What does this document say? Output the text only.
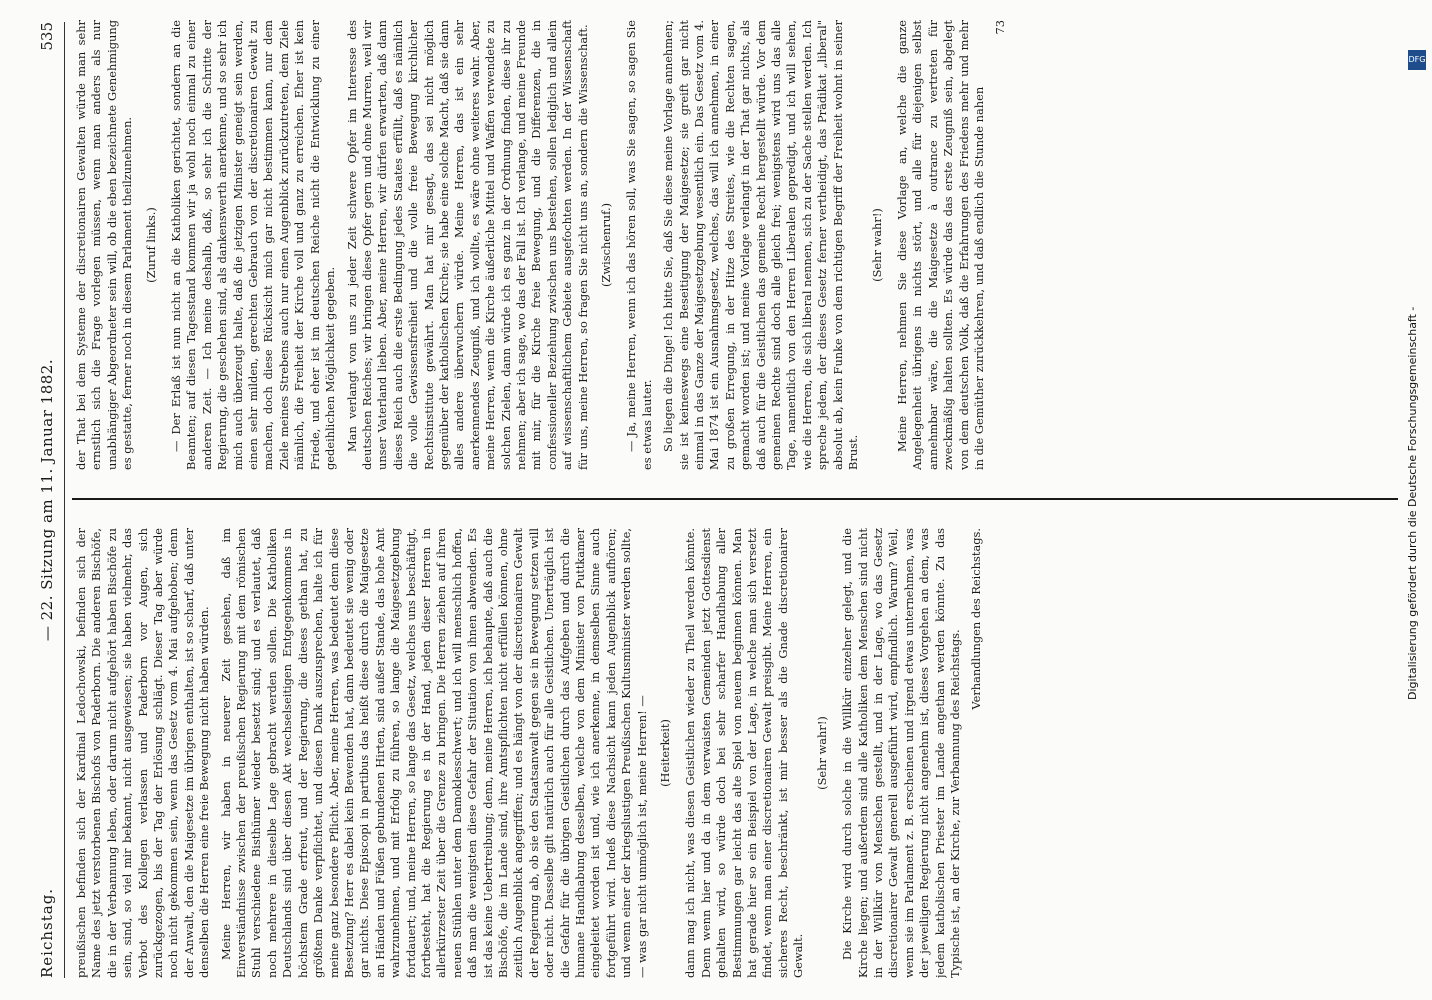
Reichstag.
— 22. Sitzung am 11. Januar 1882.
535

preußischen befinden sich der Kardinal Ledochowski, befinden sich der Name des jetzt verstorbenen Bischofs von Paderborn. Die anderen Bischöfe, die in der Verbannung leben, oder darum nicht aufgehört haben Bischöfe zu sein, sind, so viel mir bekannt, nicht ausgewiesen; sie haben vielmehr, das Verbot des Kollegen verlassen und Paderborn vor Augen, sich zurückgezogen, bis der Tag der Erlösung schlägt. Dieser Tag aber würde noch nicht gekommen sein, wenn das Gesetz vom 4. Mai aufgehoben; denn der Anwalt, den die Maigesetze im übrigen enthalten, ist so scharf, daß unter denselben die Herren eine freie Bewegung nicht haben würden. Meine Herren, wir haben in neuerer Zeit gesehen, daß im Einverständnisse zwischen der preußischen Regierung mit dem römischen Stuhl verschiedene Bisthümer wieder besetzt sind; und es verlautet, daß noch mehrere in dieselbe Lage gebracht werden sollen. Die Katholiken Deutschlands sind über diesen Akt wechselseitigen Entgegenkommens in höchstem Grade erfreut, und der Regierung, die dieses gethan hat, zu größtem Danke verpflichtet, und diesen Dank auszusprechen, halte ich für meine ganz besondere Pflicht. Aber, meine Herren, was bedeutet denn diese Besetzung? Herr es dabei kein Bewenden hat, dann bedeutet sie wenig oder gar nichts. Diese Episcopi in partibus das heißt diese durch die Maigesetze an Händen und Füßen gebundenen Hirten, sind außer Stande, das hohe Amt wahrzunehmen, und mit Erfolg zu führen, so lange die Maigesetzgebung fortdauert; und, meine Herren, so lange das Gesetz, welches uns beschäftigt, fortbesteht, hat die Regierung es in der Hand, jeden dieser Herren in allerkürzester Zeit über die Grenze zu bringen. Die Herren ziehen auf ihren neuen Stühlen unter dem Damoklesschwert; und ich will menschlich hoffen, daß man die wenigsten diese Gefahr der Situation von ihnen abwenden. Es ist das keine Uebertreibung; denn, meine Herren, ich behaupte, daß auch die Bischöfe, die im Lande sind, ihre Amtspflichten nicht erfüllen können, ohne zeitlich Augenblick angegriffen; und es hängt von der discretionairen Gewalt der Regierung ab, ob sie den Staatsanwalt gegen sie in Bewegung setzen will oder nicht. Dasselbe gilt natürlich auch für alle Geistlichen. Unerträglich ist die Gefahr für die übrigen Geistlichen durch das Aufgeben und durch die humane Handhabung desselben, welche von dem Minister von Puttkamer eingeleitet worden ist und, wie ich anerkenne, in demselben Sinne auch fortgeführt wird. Indeß diese Nachsicht kann jeden Augenblick aufhören; und wenn einer der kriegslustigen Preußischen Kultusminister werden sollte, — was gar nicht unmöglich ist, meine Herren! — (Heiterkeit) dann mag ich nicht, was diesen Geistlichen wieder zu Theil werden könnte. Denn wenn hier und da in dem verwaisten Gemeinden jetzt Gottesdienst gehalten wird, so würde doch bei sehr scharfer Handhabung aller Bestimmungen gar leicht das alte Spiel von neuem beginnen können. Man hat gerade hier so ein Beispiel von der Lage, in welche man sich versetzt findet, wenn man einer discretionairen Gewalt preisgibt. Meine Herren, ein sicheres Recht, beschränkt, ist mir besser als die Gnade discretionairer Gewalt.

(Sehr wahr!) Die Kirche wird durch solche in die Willkür einzelner gelegt, und die Kirche liegen; und außerdem sind alle Katholiken dem Menschen sind nicht in der Willkür von Menschen gestellt, und in der Lage, wo das Gesetz discretionairer Gewalt generell ausgeführt wird, empfindlich. Warum? Weil, wenn sie im Parlament z. B. erscheinen und irgend etwas unternehmen, was der jeweiligen Regierung nicht angenehm ist, dieses Vorgehen an dem, was jedem katholischen Priester im Lande angethan werden könnte. Zu das Typische ist, an der Kirche, zur Verbannung des Reichstags.

Verhandlungen des Reichstags.

der That bei dem Systeme der discretionairen Gewalten würde man sehr ernstlich sich die Frage vorlegen müssen, wenn man anders als nur unabhängiger Abgeordneter sein will, ob die eben bezeichnete Genehmigung es gestatte, ferner noch in diesem Parlament theilzunehmen. (Zuruf links.) — Der Erlaß ist nun nicht an die Katholiken gerichtet, sondern an die Beamten; auf diesen Tagesstand kommen wir ja wohl noch einmal zu einer anderen Zeit. — Ich meine deshalb, daß, so sehr ich die Schritte der Regierung, die geschehen sind, als dankenswerth anerkenne, und so sehr ich mich auch überzeugt halte, daß die jetzigen Minister geneigt sein werden, einen sehr milden, gerechten Gebrauch von der discretionairen Gewalt zu machen, doch diese Rücksicht mich gar nicht bestimmen kann, nur dem Ziele meines Strebens auch nur einen Augenblick zurückzutreten, dem Ziele nämlich, die Freiheit der Kirche voll und ganz zu erreichen. Eher ist kein Friede, und eher ist im deutschen Reiche nicht die Entwicklung zu einer gedeihlichen Möglichkeit gegeben. Man verlangt von uns zu jeder Zeit schwere Opfer im Interesse des deutschen Reiches; wir bringen diese Opfer gern und ohne Murren, weil wir unser Vaterland lieben. Aber, meine Herren, wir dürfen erwarten, daß dann dieses Reich auch die erste Bedingung jedes Staates erfüllt, daß es nämlich die volle Gewissensfreiheit und die volle freie Bewegung kirchlicher Rechtsinstitute gewährt. Man hat mir gesagt, das sei nicht möglich gegenüber der katholischen Kirche; sie habe eine solche Macht, daß sie dann alles andere überwuchern würde. Meine Herren, das ist ein sehr anerkennendes Zeugniß, und ich wollte, es wäre ohne weiteres wahr. Aber, meine Herren, wenn die Kirche äußerliche Mittel und Waffen verwendete zu solchen Zielen, dann würde ich es ganz in der Ordnung finden, diese ihr zu nehmen; aber ich sage, wo das der Fall ist. Ich verlange, und meine Freunde mit mir, für die Kirche freie Bewegung, und die Differenzen, die in confessioneller Beziehung zwischen uns bestehen, sollen lediglich und allein auf wissenschaftlichem Gebiete ausgefochten werden. In der Wissenschaft für uns, meine Herren, so fragen Sie nicht uns an, sondern die Wissenschaft. (Zwischenruf.) — Ja, meine Herren, wenn ich das hören soll, was Sie sagen, so sagen Sie es etwas lauter. So liegen die Dinge! Ich bitte Sie, daß Sie diese meine Vorlage annehmen; sie ist keineswegs eine Beseitigung der Maigesetze; sie greift gar nicht einmal in das Ganze der Maigesetzgebung wesentlich ein. Das Gesetz vom 4. Mai 1874 ist ein Ausnahmsgesetz, welches, das will ich annehmen, in einer zu großen Erregung, in der Hitze des Streites, wie die Rechten sagen, gemacht worden ist; und meine Vorlage verlangt in der That gar nichts, als daß auch für die Geistlichen das gemeine Recht hergestellt würde. Vor dem gemeinen Rechte sind doch alle gleich frei; wenigstens wird uns das alle Tage, namentlich von den Herren Liberalen gepredigt, und ich will sehen, wie die Herren, die sich liberal nennen, sich zu der Sache stellen werden. Ich spreche jedem, der dieses Gesetz ferner vertheidigt, das Prädikat „liberal" absolut ab, kein Funke von dem richtigen Begriff der Freiheit wohnt in seiner Brust.

(Sehr wahr!) Meine Herren, nehmen Sie diese Vorlage an, welche die ganze Angelegenheit übrigens in nichts stört, und alle für diejenigen selbst annehmbar wäre, die die Maigesetze à outrance zu vertreten für zweckmäßig halten sollten. Es würde das das erste Zeugniß sein, abgelegt von dem deutschen Volk, daß die Erfahrungen des Friedens mehr und mehr in die Gemüther zurückkehren, und daß endlich die Stunde nahen

73

Digitalisierung gefördert durch die Deutsche Forschungsgemeinschaft -
DFG
